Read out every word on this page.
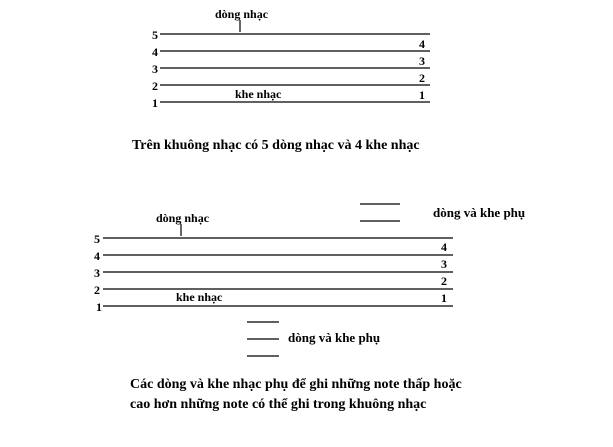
dòng nhạc
5
4
3
2
1
4
3
2
1
khe nhạc
Trên khuông nhạc có 5 dòng nhạc và 4 khe nhạc
dòng và khe phụ
dòng nhạc
5
4
3
2
1
4
3
2
1
khe nhạc
dòng và khe phụ
Các dòng và khe nhạc phụ để ghi những note thấp hoặc
cao hơn những note có thể ghi trong khuông nhạc
